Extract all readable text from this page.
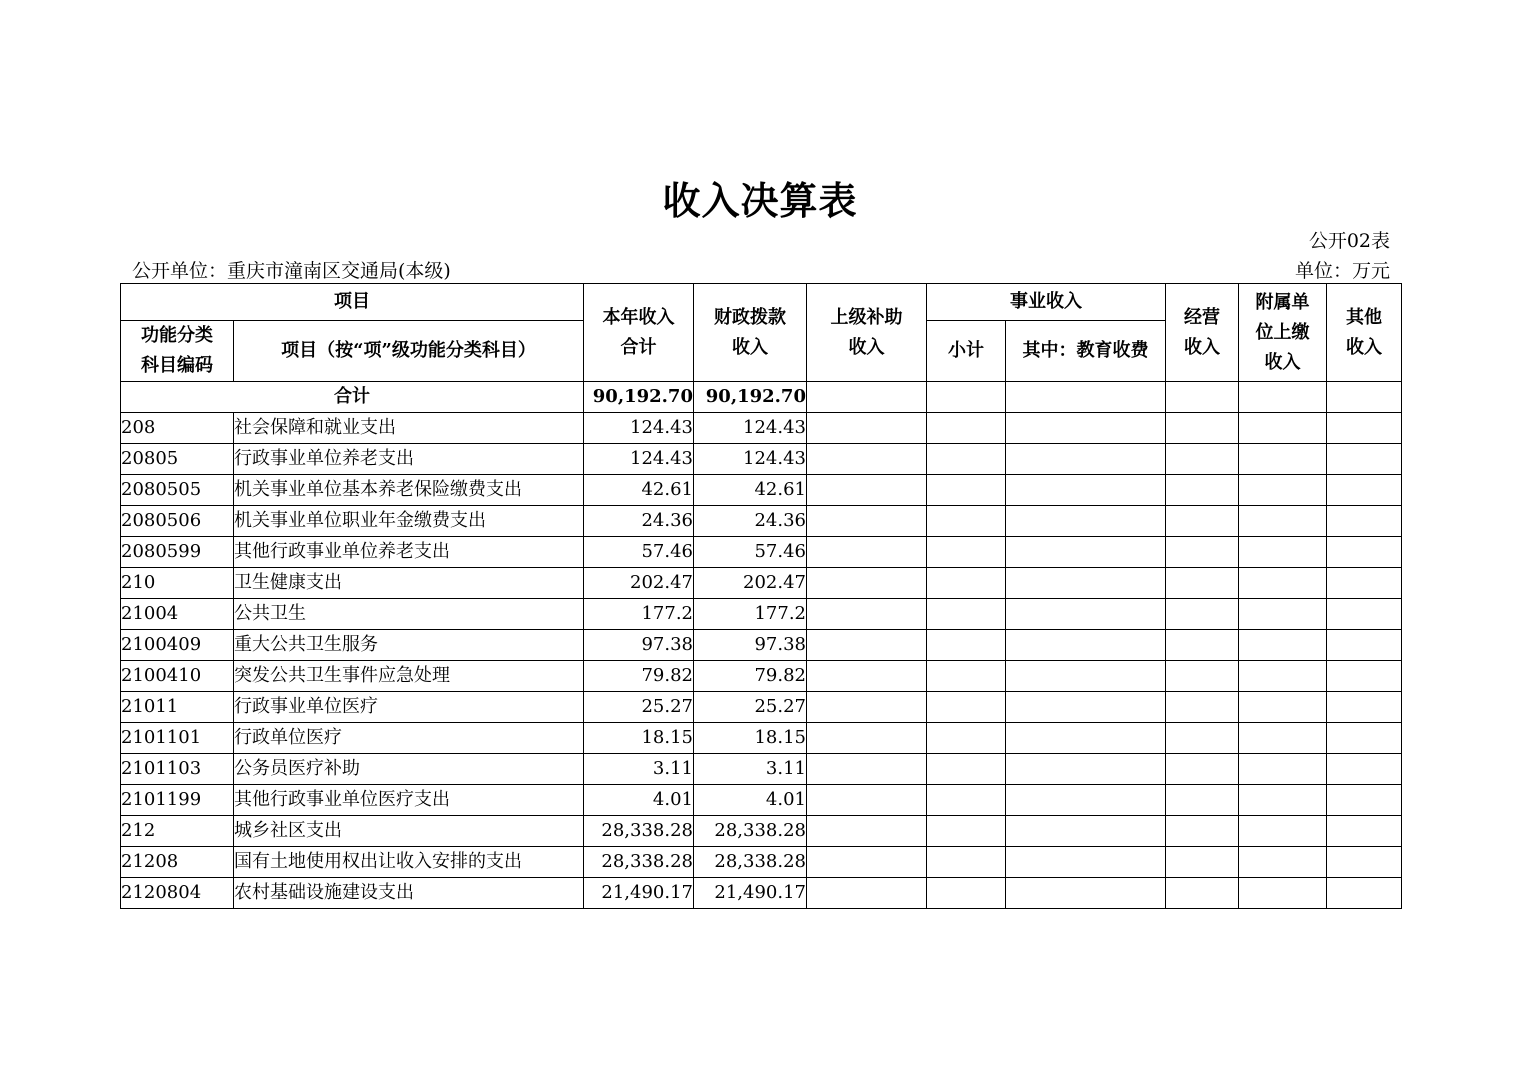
收入决算表
公开02表
公开单位：重庆市潼南区交通局(本级)	单位：万元
项目		本年收入合计	财政拨款收入	上级补助收入	事业收入		经营收入	附属单位上缴收入	其他收入
功能分类科目编码	项目（按“项”级功能分类科目）				小计	其中：教育收费			
合计		90,192.70	90,192.70						
208	社会保障和就业支出	124.43	124.43						
20805	行政事业单位养老支出	124.43	124.43						
2080505	机关事业单位基本养老保险缴费支出	42.61	42.61						
2080506	机关事业单位职业年金缴费支出	24.36	24.36						
2080599	其他行政事业单位养老支出	57.46	57.46						
210	卫生健康支出	202.47	202.47						
21004	公共卫生	177.2	177.2						
2100409	重大公共卫生服务	97.38	97.38						
2100410	突发公共卫生事件应急处理	79.82	79.82						
21011	行政事业单位医疗	25.27	25.27						
2101101	行政单位医疗	18.15	18.15						
2101103	公务员医疗补助	3.11	3.11						
2101199	其他行政事业单位医疗支出	4.01	4.01						
212	城乡社区支出	28,338.28	28,338.28						
21208	国有土地使用权出让收入安排的支出	28,338.28	28,338.28						
2120804	农村基础设施建设支出	21,490.17	21,490.17						
